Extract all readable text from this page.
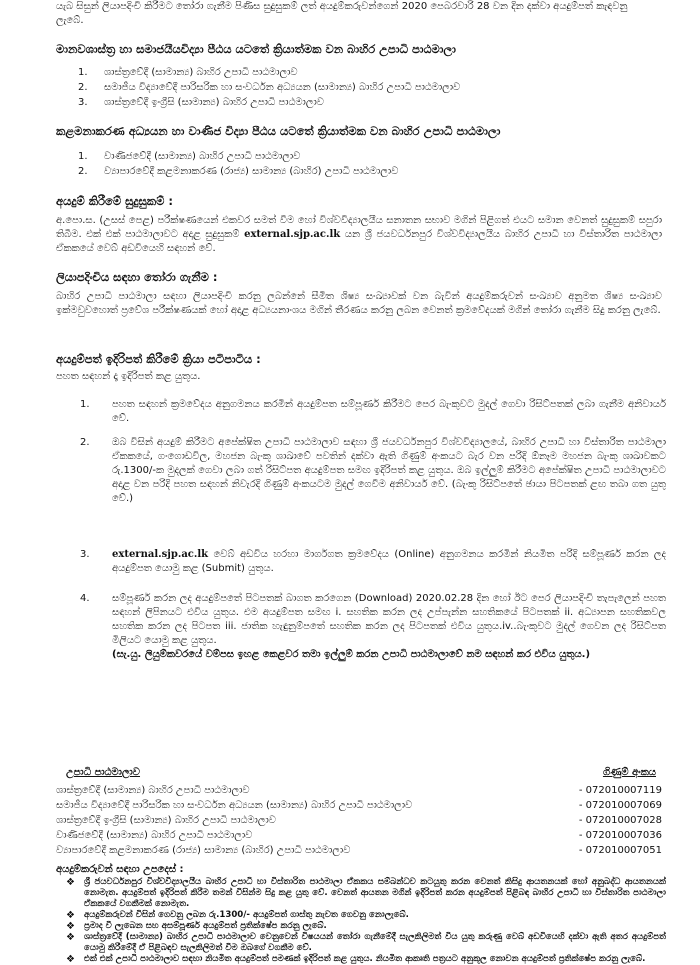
යැබ සිසුන් ලියාපදිංචි කිරීමට තෝරා ගැනීම පිණිස සුදුසුකම් ලත් අයදුම්කරුවන්ගෙන් 2020 පෙබරවාරි 28 වන දින දක්වා අයදුම්පත් කැඳවනු ලැබේ.
මානවශාස්ත්‍ර හා සමාජයීයවිද්‍යා පීඨය යටතේ ක්‍රියාත්මක වන බාහිර උපාධි පාඨමාලා
1. ශාස්ත්‍රවේදී (සාමාන්‍ය) බාහිර උපාධි පාඨමාලාව
2. සමාජීය විද්‍යාවේදී පාරිසරික හා සංවර්ධන අධ්‍යයන (සාමාන්‍ය) බාහිර උපාධි පාඨමාලාව
3. ශාස්ත්‍රවේදී ඉංග්‍රීසි (සාමාන්‍ය) බාහිර උපාධි පාඨමාලාව
කළමනාකරණ අධ්‍යයන හා වාණිජ විද්‍යා පීඨය යටතේ ක්‍රියාත්මක වන බාහිර උපාධි පාඨමාලා
1. වාණිජවේදී (සාමාන්‍ය) බාහිර උපාධි පාඨමාලාව
2. ව්‍යාපාරවේදී කළමනාකරණ (රාජ්‍ය) සාමාන්‍ය (බාහිර) උපාධි පාඨමාලාව
අයදුම් කිරීමේ සුදුසුකම් :
අ.පො.ස. (උසස් පෙළ) පරීක්ෂණයෙන් එකවර සමත් වීම හෝ විශ්වවිද්‍යාලයීය සනාතන සභාව මගින් පිළිගත් එයට සමාන වෙනත් සුදුසුකම් සපුරා තිබීම. එක් එක් පාඨමාලාවට අදාළ සුදුසුකම් external.sjp.ac.lk යන ශ්‍රී ජයවර්ධනපුර විශ්වවිද්‍යාලයීය බාහිර උපාධි හා විස්තාරිත පාඨමාලා ඒකකයේ වෙබ් අඩවියෙහි සඳහන් වේ.
ලියාපදිංචිය සඳහා තෝරා ගැනීම :
බාහිර උපාධි පාඨමාලා සඳහා ලියාපදිංචි කරනු ලබන්නේ සීමිත ශිෂ්‍ය සංඛ්‍යාවක් වන බැවින් අයදුම්කරුවන් සංඛ්‍යාව අනුමත ශිෂ්‍ය සංඛ්‍යාව ඉක්මවුවහොත් ප්‍රවේශ පරීක්ෂණයක් හෝ අදාළ අධ්‍යයනාංශය මගින් තීරණය කරනු ලබන වෙනත් ක්‍රමවේදයක් මගින් තෝරා ගැනීම සිදු කරනු ලැබේ.
අයදුම්පත් ඉදිරිපත් කිරීමේ ක්‍රියා පටිපාටිය :
පහත සඳහන් දෑ ඉදිරිපත් කළ යුතුය.
1. පහත සඳහන් ක්‍රමවේදය අනුගමනය කරමින් අයදුම්පත සම්පූර්ණ කිරීමට පෙර බැංකුවට මුදල් ගෙවා රිසිට්පතක් ලබා ගැනීම අනිවාර්ය වේ.
2. ඔබ විසින් අයදුම් කිරීමට අපේක්ෂිත උපාධි පාඨමාලාව සඳහා ශ්‍රී ජයවර්ධනපුර විශ්වවිද්‍යාලයේ, බාහිර උපාධි හා විස්තාරිත පාඨමාලා ඒකකයේ, ගංගොඩවිල, මහජන බැංකු ශාඛාවේ පවතින් දක්වා ඇති ගිණුම් අංකයට බැර වන පරිදි ඕනෑම මහජන බැංකු ශාඛාවකට රු.1300/-ක මුදලක් ගෙවා ලබා ගත් රිසිට්පත අයදුම්පත සමඟ ඉදිරිපත් කළ යුතුය. ඔබ ඉල්ලුම් කිරීමට අපේක්ෂිත උපාධි පාඨමාලාවට අදාළ වන පරිදි පහත සඳහන් නිවැරදි ගිණුම් අංකයටම මුදල් ගෙවීම අනිවාර්ය වේ. (බැංකු රිසිට්පතේ ඡායා පිටපතක් ළඟ තබා ගත යුතු වේ.)
3. external.sjp.ac.lk වෙබ් අඩවිය හරහා මාර්ගගත ක්‍රමවේදය (Online) අනුගමනය කරමින් නියමිත පරිදි සම්පූර්ණ කරන ලද අයදුම්පත යොමු කළ (Submit) යුතුය.
4. සම්පූර්ණ කරන ලද අයදුම්පතේ පිටපතක් බාගත කරගෙන (Download) 2020.02.28 දින හෝ ඊට පෙර ලියාපදිංචි තැපැලෙන් පහත සඳහන් ලිපිනයට එවිය යුතුය. එම අයදුම්පත සමඟ i. සහතික කරන ලද උප්පැන්න සහතිකයේ පිටපතක් ii. අධ්‍යාපන සහතිකවල සහතික කරන ලද පිටපත iii. ජාතික හැඳුනුම්පතේ සහතික කරන ලද පිටපතක් එවිය යුතුය.iv..බැංකුවට මුදල් ගෙවන ලද රිසිට්පත මිලියට යොමු කළ යුතුය.
(සැ.යු. ලියුම්කවරයේ වම්පස ඉහළ කෙළවර තමා ඉල්ලුම් කරන උපාධි පාඨමාලාවේ නම සඳහන් කර එවිය යුතුය.)
උපාධි පාඨමාලාව	ගිණුම් අංකය
ශාස්ත්‍රවේදී (සාමාන්‍ය) බාහිර උපාධි පාඨමාලාව	- 072010007119
සමාජීය විද්‍යාවේදී පාරිසරික හා සංවර්ධන අධ්‍යයන (සාමාන්‍ය) බාහිර උපාධි පාඨමාලාව	- 072010007069
ශාස්ත්‍රවේදී ඉංග්‍රීසි (සාමාන්‍ය) බාහිර උපාධි පාඨමාලාව	- 072010007028
වාණිජවේදී (සාමාන්‍ය) බාහිර උපාධි පාඨමාලාව	- 072010007036
ව්‍යාපාරවේදී කළමනාකරණ (රාජ්‍ය) සාමාන්‍ය (බාහිර) උපාධි පාඨමාලාව	- 072010007051
අයදුම්කරුවන් සඳහා උපදෙස් :
❖ ශ්‍රී ජයවර්ධනපුර විශ්වවිද්‍යාලයීය බාහිර උපාධි හා විස්තාරිත පාඨමාලා ඒකකය සම්බන්ධව කටයුතු කරන වෙනත් කිසිදු ආයතනයක් හෝ අනුබද්ධ ආයතනයක් නොමැත. අයදුම්පත් ඉදිරිපත් කිරීම තමන් විසින්ම සිදු කළ යුතු වේ. වෙනත් ආයතන මගින් ඉදිරිපත් කරන අයදුම්පත් පිළිබඳ බාහිර උපාධි හා විස්තාරිත පාඨමාලා ඒකකයේ වගකීමක් නොමැත.
❖ අයදුම්කරුවන් විසින් ගෙවනු ලබන රු.1300/- අයදුම්පත් ගාස්තු නැවත ගෙවනු නොලැබේ.
❖ ප්‍රමාද වී ලැබෙන සහ අසම්පූර්ණ අයදුම්පත් ප්‍රතික්ෂේප කරනු ලැබේ.
❖ ශාස්ත්‍රවේදී (සාමාන්‍ය) බාහිර උපාධි පාඨමාලාව වෙනුවෙන් විෂයයන් තෝරා ගැනීමේදී සැලකිලිමත් විය යුතු කරුණු වෙබ් අඩවියෙහි දක්වා ඇති අතර අයදුම්පත් යොමු කිරීමේදී ඒ පිළිබඳව සැලකිලිමත් වීම ඔබගේ වගකීම වේ.
❖ එක් එක් උපාධි පාඨමාලාව සඳහා නියමිත අයදුම්පත් පමණක් ඉදිරිපත් කළ යුතුය. නියමිත ආකෘති පත්‍රයට අනුකූල නොවන අයදුම්පත් ප්‍රතික්ෂේප කරනු ලැබේ.
